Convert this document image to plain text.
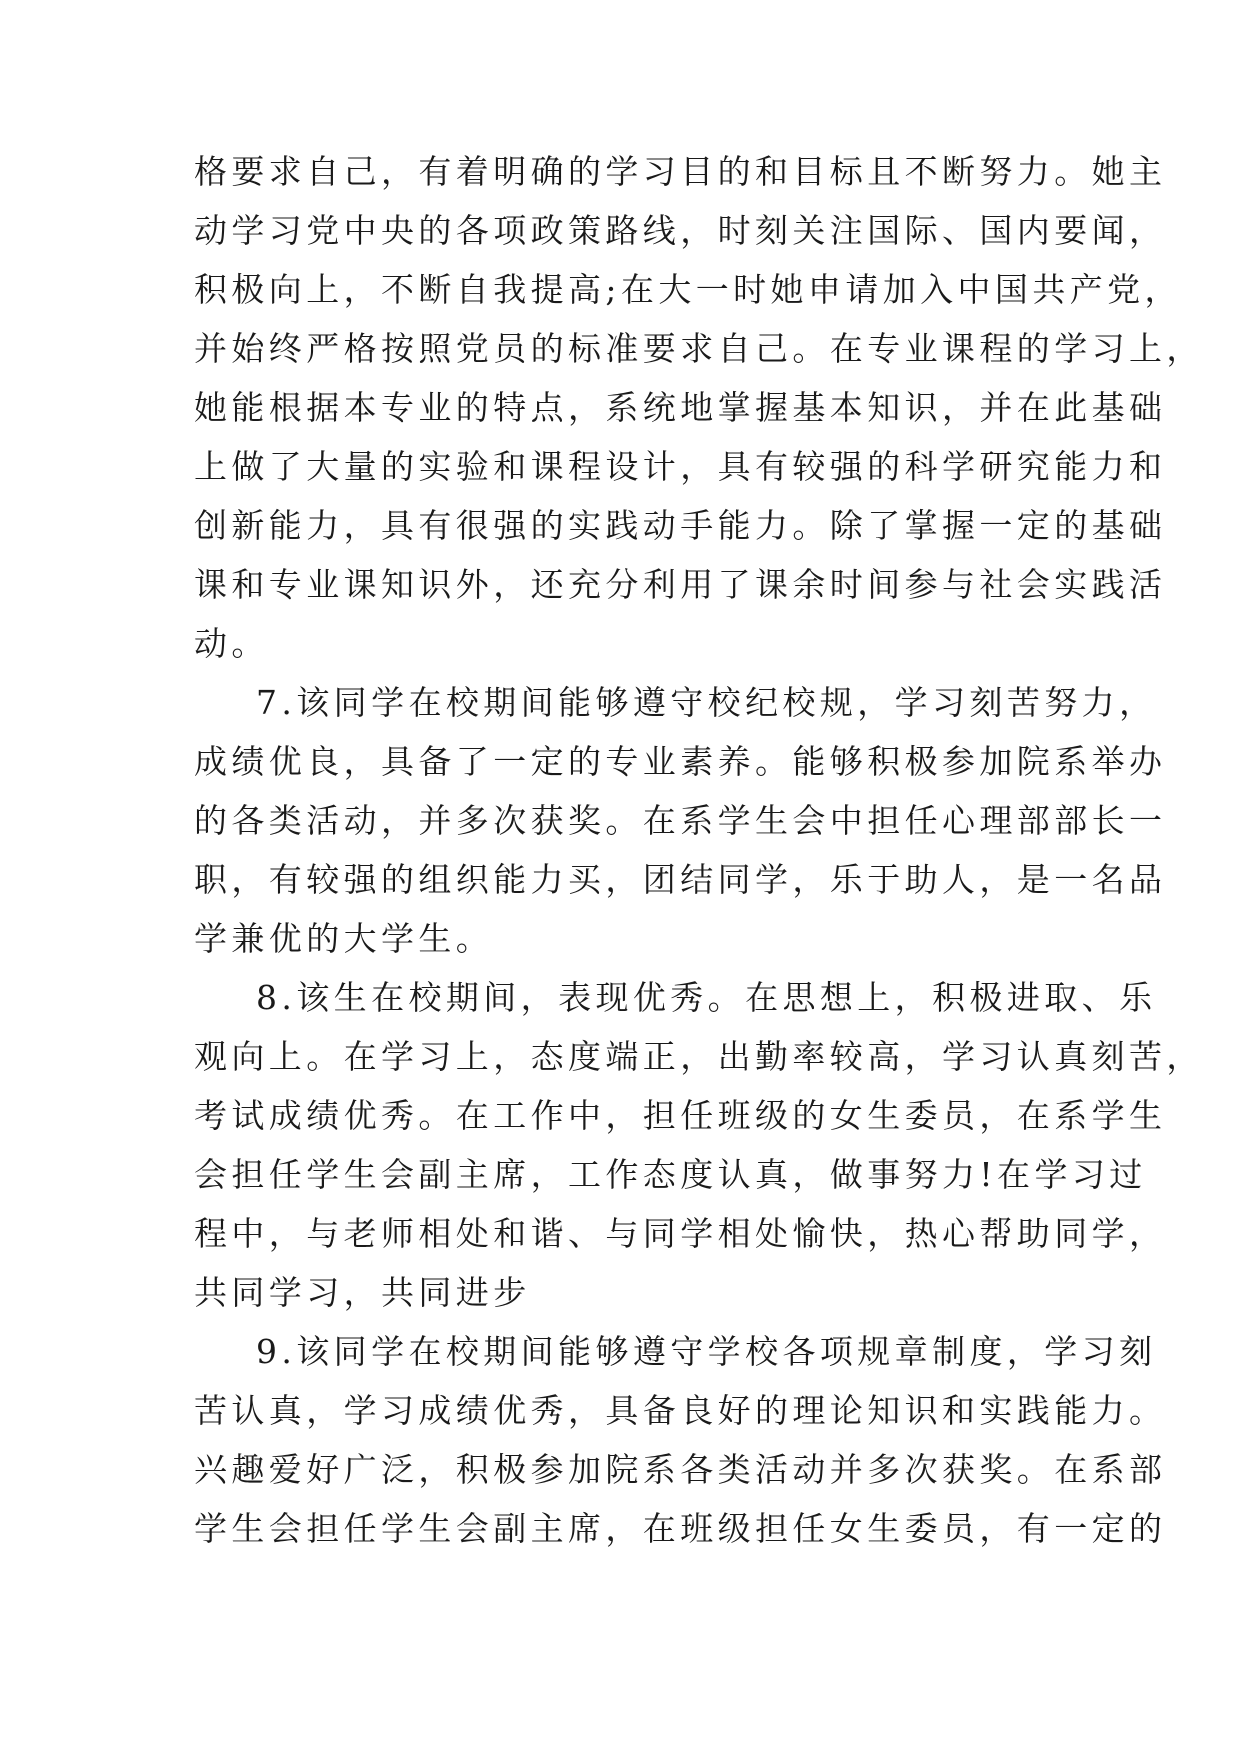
格要求自己，有着明确的学习目的和目标且不断努力。她主
动学习党中央的各项政策路线，时刻关注国际、国内要闻，
积极向上，不断自我提高;在大一时她申请加入中国共产党，
并始终严格按照党员的标准要求自己。在专业课程的学习上，
她能根据本专业的特点，系统地掌握基本知识，并在此基础
上做了大量的实验和课程设计，具有较强的科学研究能力和
创新能力，具有很强的实践动手能力。除了掌握一定的基础
课和专业课知识外，还充分利用了课余时间参与社会实践活
动。
7.该同学在校期间能够遵守校纪校规，学习刻苦努力，
成绩优良，具备了一定的专业素养。能够积极参加院系举办
的各类活动，并多次获奖。在系学生会中担任心理部部长一
职，有较强的组织能力买，团结同学，乐于助人，是一名品
学兼优的大学生。
8.该生在校期间，表现优秀。在思想上，积极进取、乐
观向上。在学习上，态度端正，出勤率较高，学习认真刻苦，
考试成绩优秀。在工作中，担任班级的女生委员，在系学生
会担任学生会副主席，工作态度认真，做事努力!在学习过
程中，与老师相处和谐、与同学相处愉快，热心帮助同学，
共同学习，共同进步
9.该同学在校期间能够遵守学校各项规章制度，学习刻
苦认真，学习成绩优秀，具备良好的理论知识和实践能力。
兴趣爱好广泛，积极参加院系各类活动并多次获奖。在系部
学生会担任学生会副主席，在班级担任女生委员，有一定的
